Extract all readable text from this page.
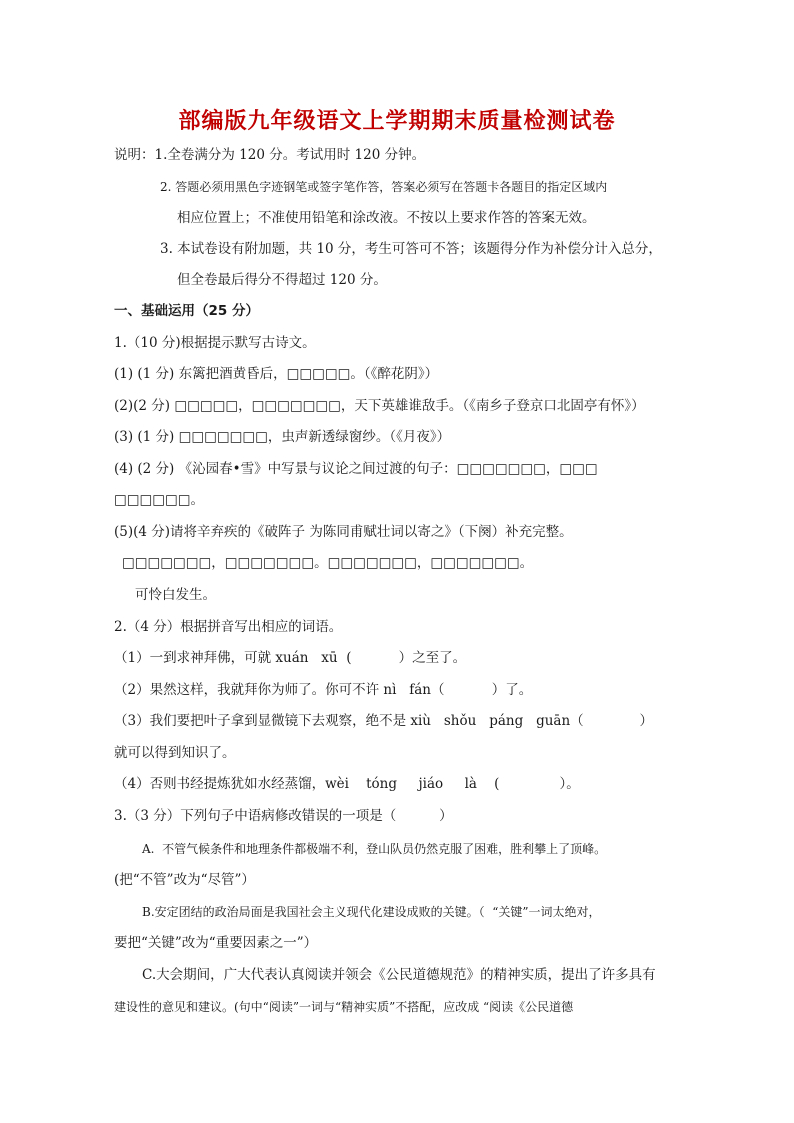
部编版九年级语文上学期期末质量检测试卷
说明：1.全卷满分为 120 分。考试用时 120 分钟。
2. 答题必须用黑色字迹钢笔或签字笔作答，答案必须写在答题卡各题目的指定区域内
相应位置上；不准使用铅笔和涂改液。不按以上要求作答的答案无效。
3. 本试卷设有附加题，共 10 分，考生可答可不答；该题得分作为补偿分计入总分，
但全卷最后得分不得超过 120 分。
一、基础运用（25 分）
1.（10 分)根据提示默写古诗文。
(1) (1 分) 东篱把酒黄昏后，□□□□□。（《醉花阴》）
(2)(2 分) □□□□□，□□□□□□□，天下英雄谁敌手。（《南乡子登京口北固亭有怀》）
(3) (1 分) □□□□□□□，虫声新透绿窗纱。（《月夜》）
(4) (2 分) 《沁园春•雪》中写景与议论之间过渡的句子：□□□□□□□，□□□
□□□□□□。
(5)(4 分)请将辛弃疾的《破阵子 为陈同甫赋壮词以寄之》（下阕）补充完整。
□□□□□□□，□□□□□□□。□□□□□□□，□□□□□□□。
可怜白发生。
2.（4 分）根据拼音写出相应的词语。
（1）一到求神拜佛，可就 xuán   xū  (           ）之至了。
（2）果然这样，我就拜你为师了。你可不许 nì   fán（           ）了。
（3）我们要把叶子拿到显微镜下去观察，绝不是 xiù   shǒu   páng   guān（             ）
就可以得到知识了。
（4）否则书经提炼犹如水经蒸馏，wèi    tóng     jiáo     là    (              ）。
3.（3 分）下列句子中语病修改错误的一项是（          ）
A.  不管气候条件和地理条件都极端不利，登山队员仍然克服了困难，胜利攀上了顶峰。
(把“不管”改为“尽管”）
B.安定团结的政治局面是我国社会主义现代化建设成败的关键。（  “关键”一词太绝对，
要把“关键”改为“重要因素之一”）
C.大会期间，广大代表认真阅读并领会《公民道德规范》的精神实质，提出了许多具有
建设性的意见和建议。(句中“阅读”一词与“精神实质”不搭配，应改成 “阅读《公民道德
